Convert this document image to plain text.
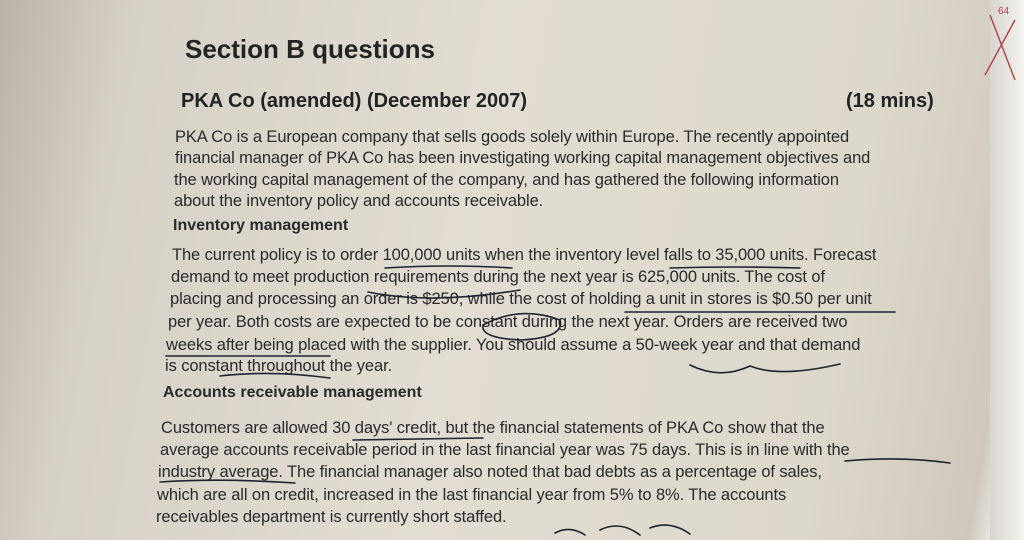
Section B questions
PKA Co (amended) (December 2007)	(18 mins)
PKA Co is a European company that sells goods solely within Europe. The recently appointed
financial manager of PKA Co has been investigating working capital management objectives and
the working capital management of the company, and has gathered the following information
about the inventory policy and accounts receivable.
Inventory management
The current policy is to order 100,000 units when the inventory level falls to 35,000 units. Forecast
demand to meet production requirements during the next year is 625,000 units. The cost of
placing and processing an order is $250, while the cost of holding a unit in stores is $0.50 per unit
per year. Both costs are expected to be constant during the next year. Orders are received two
weeks after being placed with the supplier. You should assume a 50-week year and that demand
is constant throughout the year.
Accounts receivable management
Customers are allowed 30 days' credit, but the financial statements of PKA Co show that the
average accounts receivable period in the last financial year was 75 days. This is in line with the
industry average. The financial manager also noted that bad debts as a percentage of sales,
which are all on credit, increased in the last financial year from 5% to 8%. The accounts
receivables department is currently short staffed.
64
